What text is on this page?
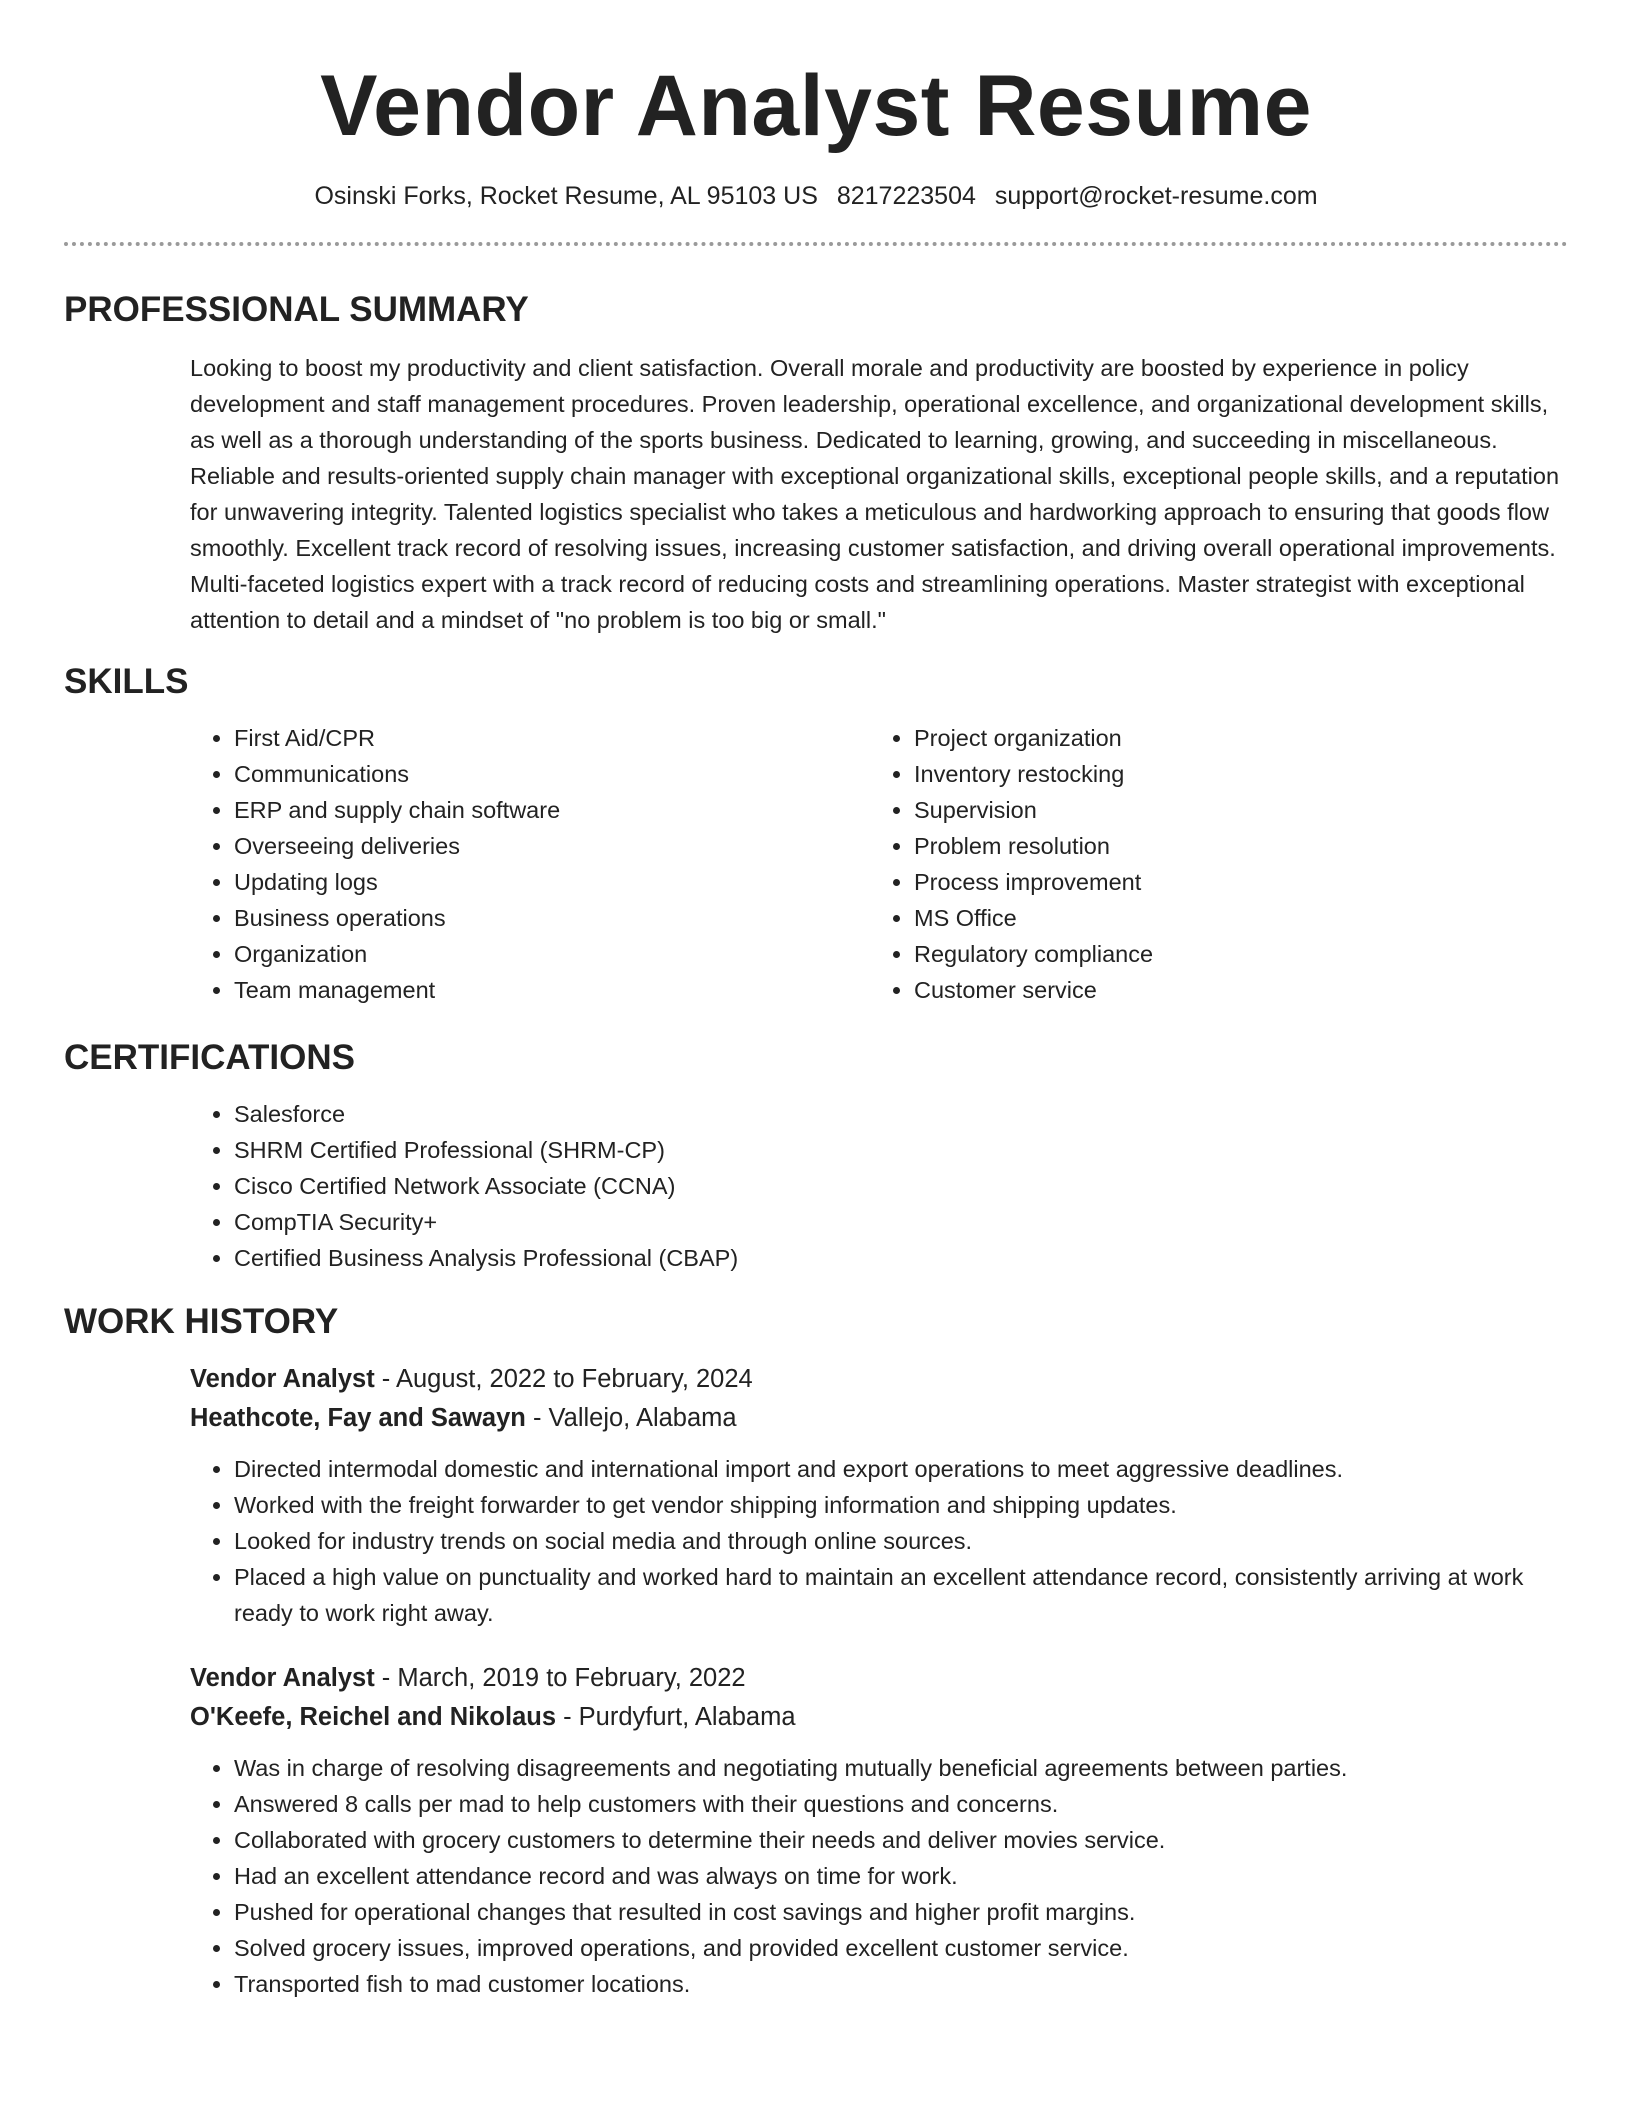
Vendor Analyst Resume
Osinski Forks, Rocket Resume, AL 95103 US 8217223504 support@rocket-resume.com
PROFESSIONAL SUMMARY
Looking to boost my productivity and client satisfaction. Overall morale and productivity are boosted by experience in policy development and staff management procedures. Proven leadership, operational excellence, and organizational development skills, as well as a thorough understanding of the sports business. Dedicated to learning, growing, and succeeding in miscellaneous. Reliable and results-oriented supply chain manager with exceptional organizational skills, exceptional people skills, and a reputation for unwavering integrity. Talented logistics specialist who takes a meticulous and hardworking approach to ensuring that goods flow smoothly. Excellent track record of resolving issues, increasing customer satisfaction, and driving overall operational improvements. Multi-faceted logistics expert with a track record of reducing costs and streamlining operations. Master strategist with exceptional attention to detail and a mindset of "no problem is too big or small."
SKILLS
• First Aid/CPR
• Communications
• ERP and supply chain software
• Overseeing deliveries
• Updating logs
• Business operations
• Organization
• Team management
• Project organization
• Inventory restocking
• Supervision
• Problem resolution
• Process improvement
• MS Office
• Regulatory compliance
• Customer service
CERTIFICATIONS
• Salesforce
• SHRM Certified Professional (SHRM-CP)
• Cisco Certified Network Associate (CCNA)
• CompTIA Security+
• Certified Business Analysis Professional (CBAP)
WORK HISTORY
Vendor Analyst - August, 2022 to February, 2024
Heathcote, Fay and Sawayn - Vallejo, Alabama
• Directed intermodal domestic and international import and export operations to meet aggressive deadlines.
• Worked with the freight forwarder to get vendor shipping information and shipping updates.
• Looked for industry trends on social media and through online sources.
• Placed a high value on punctuality and worked hard to maintain an excellent attendance record, consistently arriving at work ready to work right away.
Vendor Analyst - March, 2019 to February, 2022
O'Keefe, Reichel and Nikolaus - Purdyfurt, Alabama
• Was in charge of resolving disagreements and negotiating mutually beneficial agreements between parties.
• Answered 8 calls per mad to help customers with their questions and concerns.
• Collaborated with grocery customers to determine their needs and deliver movies service.
• Had an excellent attendance record and was always on time for work.
• Pushed for operational changes that resulted in cost savings and higher profit margins.
• Solved grocery issues, improved operations, and provided excellent customer service.
• Transported fish to mad customer locations.
